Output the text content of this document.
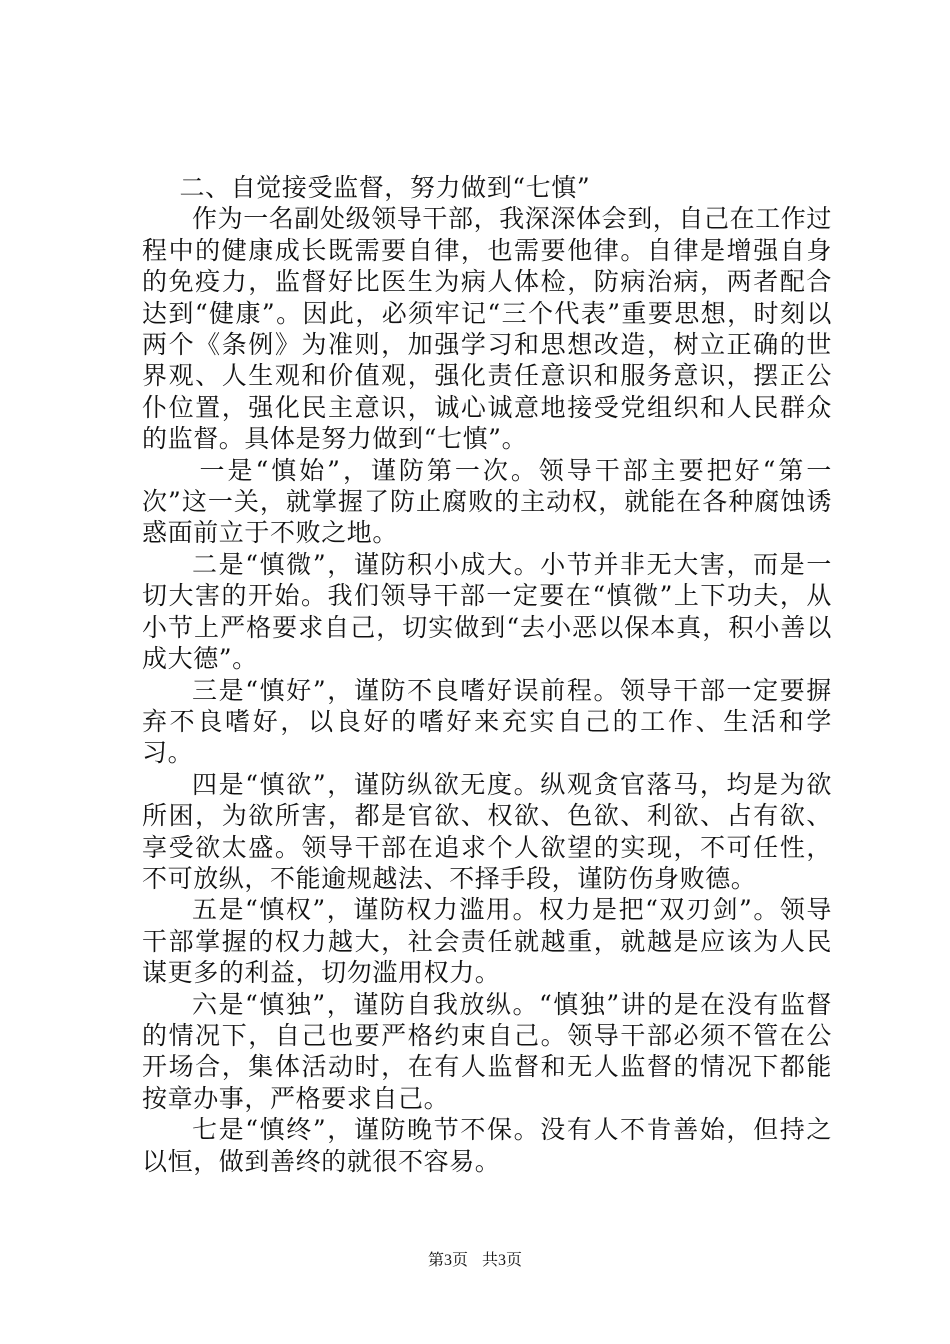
二、自觉接受监督，努力做到“七慎”

作为一名副处级领导干部，我深深体会到，自己在工作过程中的健康成长既需要自律，也需要他律。自律是增强自身的免疫力，监督好比医生为病人体检，防病治病，两者配合达到“健康”。因此，必须牢记“三个代表”重要思想，时刻以两个《条例》为准则，加强学习和思想改造，树立正确的世界观、人生观和价值观，强化责任意识和服务意识，摆正公仆位置，强化民主意识，诚心诚意地接受党组织和人民群众的监督。具体是努力做到“七慎”。

一是“慎始”，谨防第一次。领导干部主要把好“第一次”这一关，就掌握了防止腐败的主动权，就能在各种腐蚀诱惑面前立于不败之地。

二是“慎微”，谨防积小成大。小节并非无大害，而是一切大害的开始。我们领导干部一定要在“慎微”上下功夫，从小节上严格要求自己，切实做到“去小恶以保本真，积小善以成大德”。

三是“慎好”，谨防不良嗜好误前程。领导干部一定要摒弃不良嗜好，以良好的嗜好来充实自己的工作、生活和学习。

四是“慎欲”，谨防纵欲无度。纵观贪官落马，均是为欲所困，为欲所害，都是官欲、权欲、色欲、利欲、占有欲、享受欲太盛。领导干部在追求个人欲望的实现，不可任性，不可放纵，不能逾规越法、不择手段，谨防伤身败德。

五是“慎权”，谨防权力滥用。权力是把“双刃剑”。领导干部掌握的权力越大，社会责任就越重，就越是应该为人民谋更多的利益，切勿滥用权力。

六是“慎独”，谨防自我放纵。“慎独”讲的是在没有监督的情况下，自己也要严格约束自己。领导干部必须不管在公开场合，集体活动时，在有人监督和无人监督的情况下都能按章办事，严格要求自己。

七是“慎终”，谨防晚节不保。没有人不肯善始，但持之以恒，做到善终的就很不容易。

第3页 共3页
